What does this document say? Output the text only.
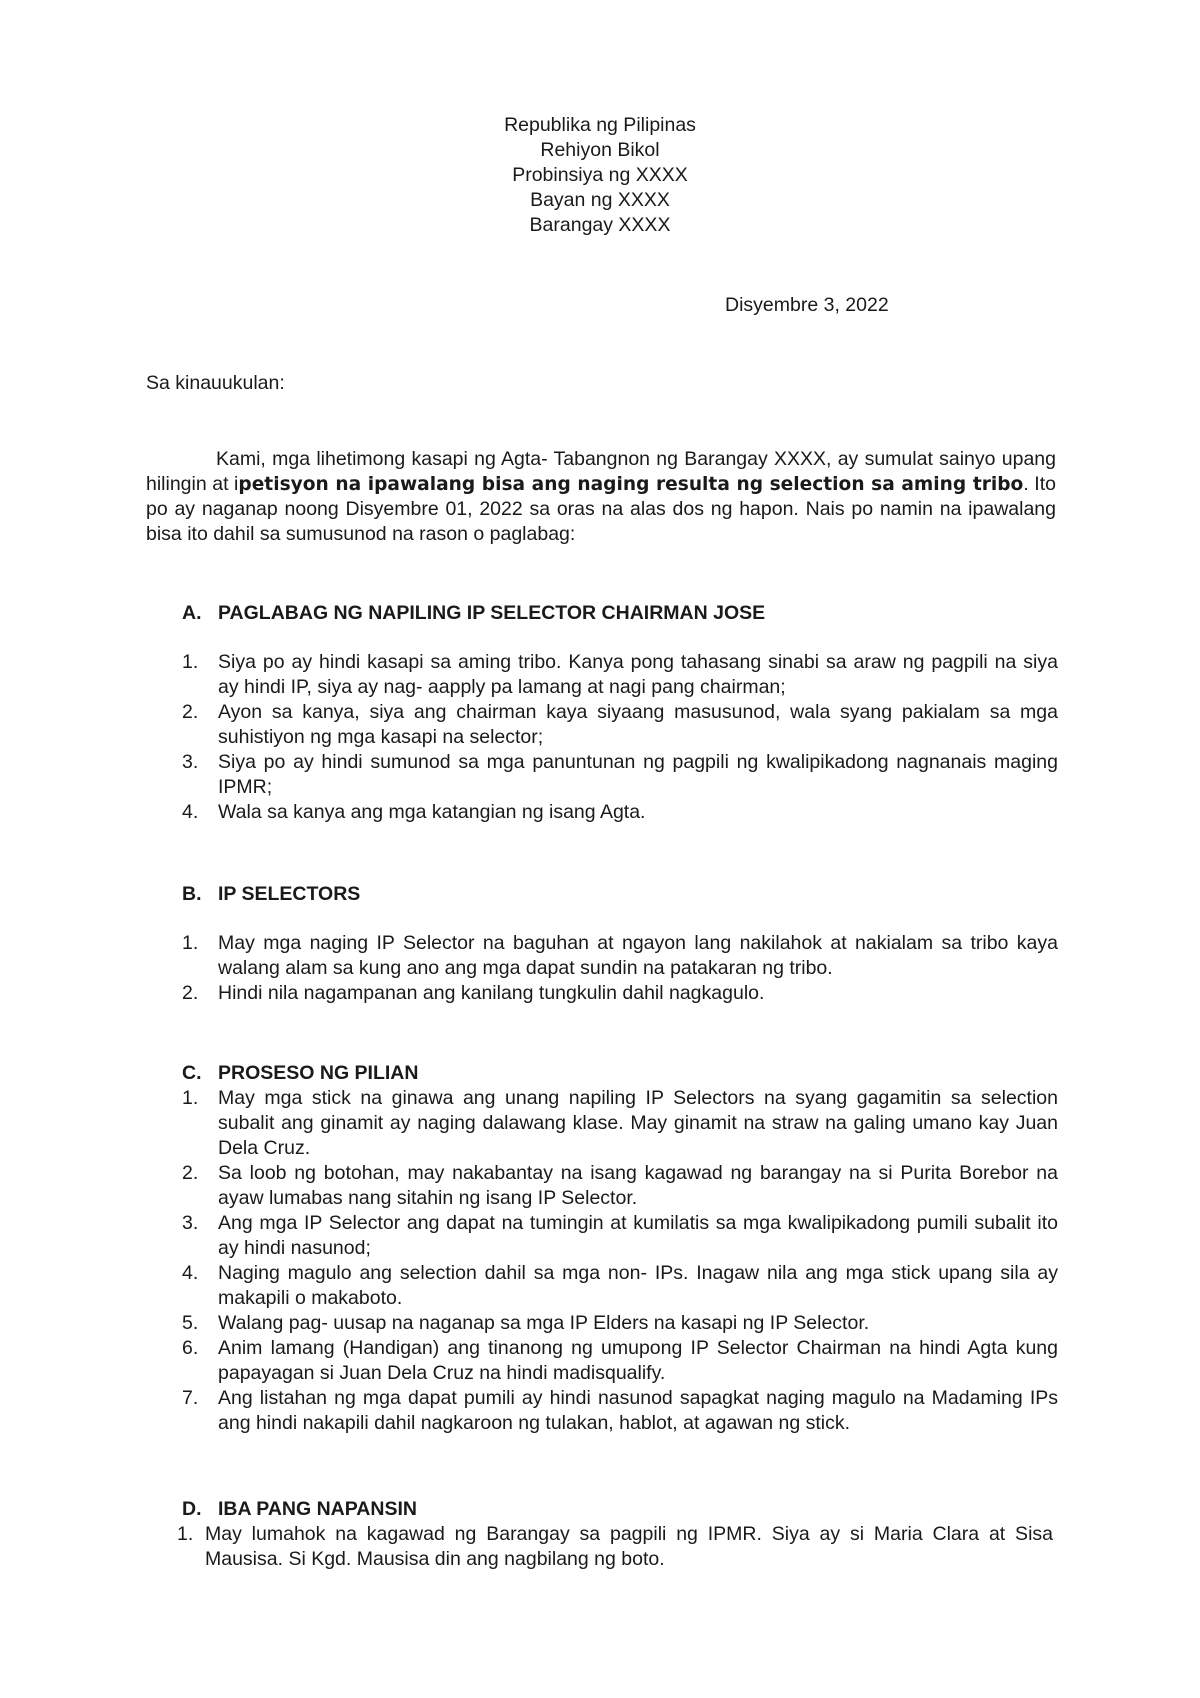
Republika ng Pilipinas
Rehiyon Bikol
Probinsiya ng XXXX
Bayan ng XXXX
Barangay XXXX
Disyembre 3, 2022
Sa kinauukulan:
Kami, mga lihetimong kasapi ng Agta- Tabangnon ng Barangay XXXX, ay sumulat sainyo upang hilingin at ipetisyon na ipawalang bisa ang naging resulta ng selection sa aming tribo. Ito po ay naganap noong Disyembre 01, 2022 sa oras na alas dos ng hapon. Nais po namin na ipawalang bisa ito dahil sa sumusunod na rason o paglabag:
A. PAGLABAG NG NAPILING IP SELECTOR CHAIRMAN JOSE
1.	Siya po ay hindi kasapi sa aming tribo. Kanya pong tahasang sinabi sa araw ng pagpili na siya ay hindi IP, siya ay nag- aapply pa lamang at nagi pang chairman;
2.	Ayon sa kanya, siya ang chairman kaya siyaang masusunod, wala syang pakialam sa mga suhistiyon ng mga kasapi na selector;
3.	Siya po ay hindi sumunod sa mga panuntunan ng pagpili ng kwalipikadong nagnanais maging IPMR;
4.	Wala sa kanya ang mga katangian ng isang Agta.
B. IP SELECTORS
1.	May mga naging IP Selector na baguhan at ngayon lang nakilahok at nakialam sa tribo kaya walang alam sa kung ano ang mga dapat sundin na patakaran ng tribo.
2.	Hindi nila nagampanan ang kanilang tungkulin dahil nagkagulo.
C. PROSESO NG PILIAN
1.	May mga stick na ginawa ang unang napiling IP Selectors na syang gagamitin sa selection subalit ang ginamit ay naging dalawang klase. May ginamit na straw na galing umano kay Juan Dela Cruz.
2.	Sa loob ng botohan, may nakabantay na isang kagawad ng barangay na si Purita Borebor na ayaw lumabas nang sitahin ng isang IP Selector.
3.	Ang mga IP Selector ang dapat na tumingin at kumilatis sa mga kwalipikadong pumili subalit ito ay hindi nasunod;
4.	Naging magulo ang selection dahil sa mga non- IPs. Inagaw nila ang mga stick upang sila ay makapili o makaboto.
5.	Walang pag- uusap na naganap sa mga IP Elders na kasapi ng IP Selector.
6.	Anim lamang (Handigan) ang tinanong ng umupong IP Selector Chairman na hindi Agta kung papayagan si Juan Dela Cruz na hindi madisqualify.
7.	Ang listahan ng mga dapat pumili ay hindi nasunod sapagkat naging magulo na Madaming IPs ang hindi nakapili dahil nagkaroon ng tulakan, hablot, at agawan ng stick.
D. IBA PANG NAPANSIN
1. May lumahok na kagawad ng Barangay sa pagpili ng IPMR. Siya ay si Maria Clara at Sisa Mausisa. Si Kgd. Mausisa din ang nagbilang ng boto.
